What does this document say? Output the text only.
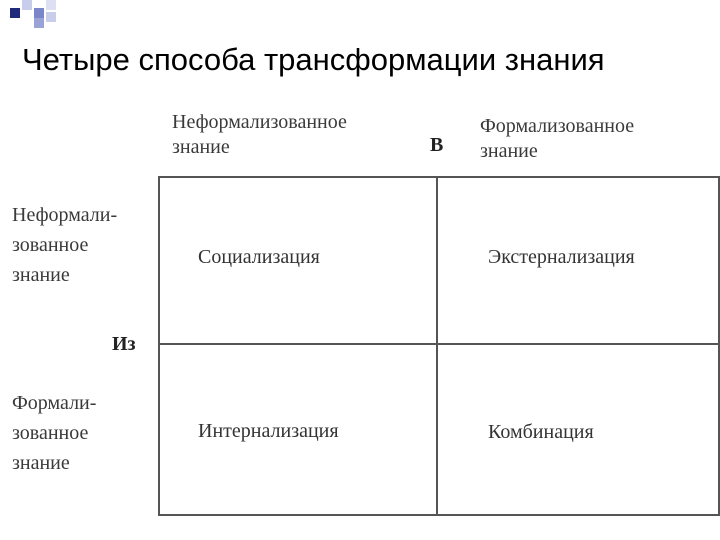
Четыре способа трансформации знания
Неформализованное
знание	В
Формализованное
знание
Неформали-
зованное
знание
Из
Формали-
зованное
знание
Социализация	Экстернализация
Интернализация	Комбинация
